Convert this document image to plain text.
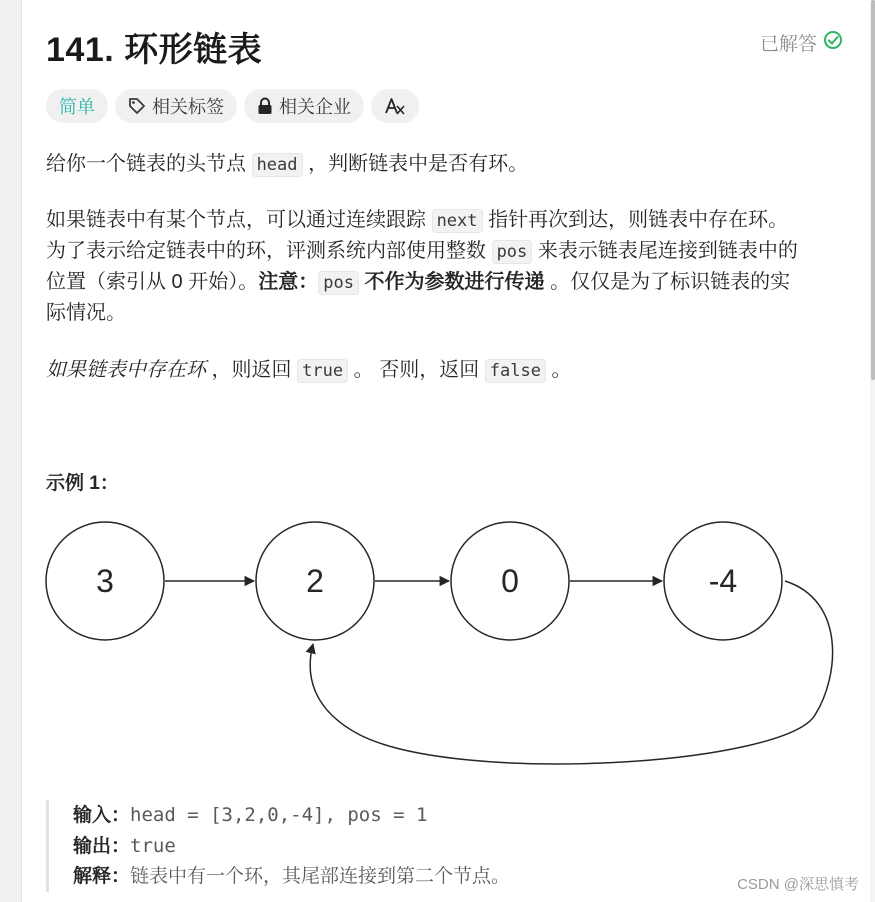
141. 环形链表	已解答
简单	相关标签	相关企业

给你一个链表的头节点 head ，判断链表中是否有环。

如果链表中有某个节点，可以通过连续跟踪 next 指针再次到达，则链表中存在环。

为了表示给定链表中的环，评测系统内部使用整数 pos 来表示链表尾连接到链表中的

位置（索引从 0 开始）。注意： pos 不作为参数进行传递 。仅仅是为了标识链表的实

际情况。

如果链表中存在环 ，则返回 true 。 否则，返回 false 。

示例 1：
3	2	0	-4
输入：head = [3,2,0,-4], pos = 1
输出：true
解释：链表中有一个环，其尾部连接到第二个节点。	CSDN @深思慎考
